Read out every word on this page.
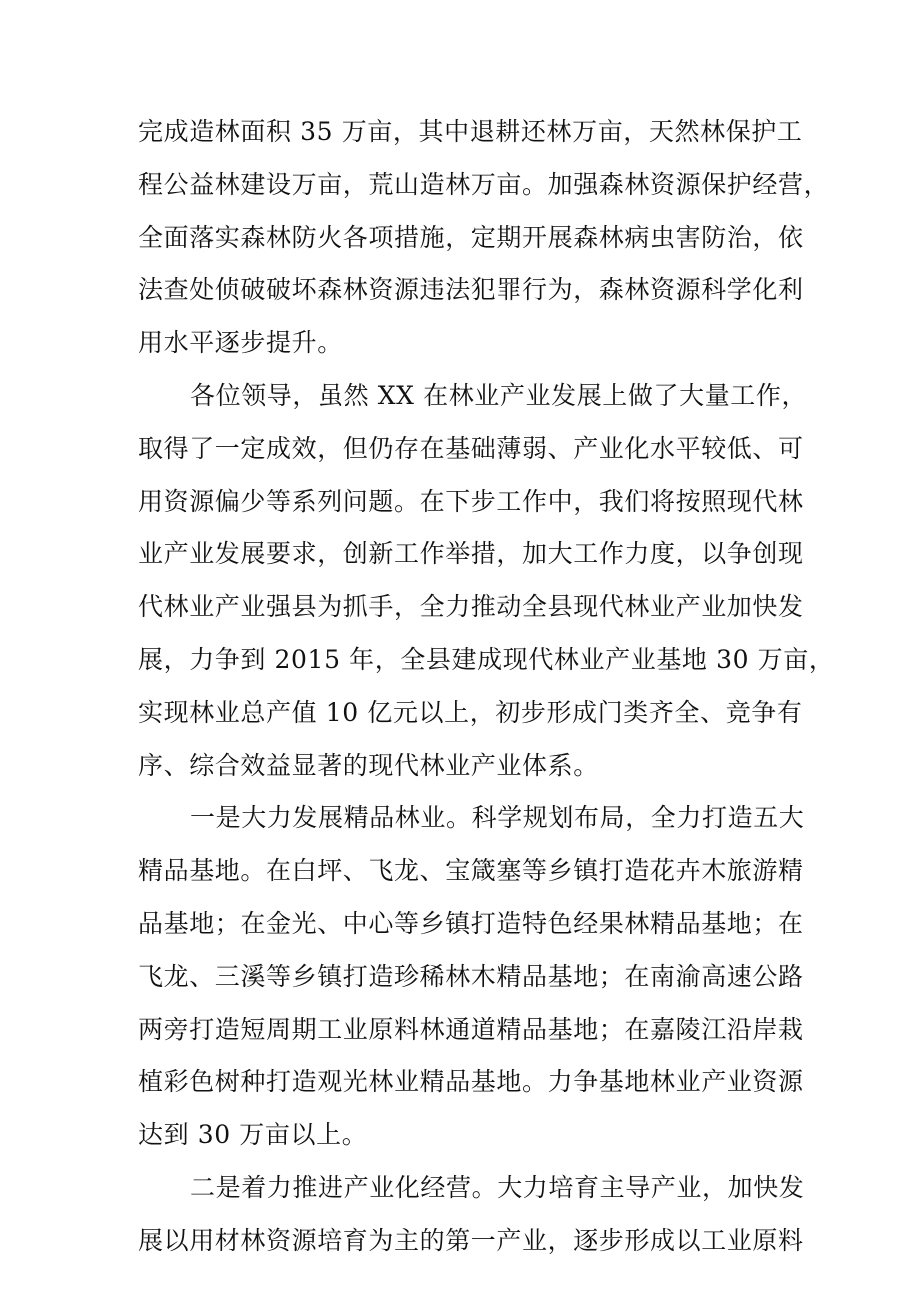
完成造林面积 35 万亩，其中退耕还林万亩，天然林保护工
程公益林建设万亩，荒山造林万亩。加强森林资源保护经营，
全面落实森林防火各项措施，定期开展森林病虫害防治，依
法查处侦破破坏森林资源违法犯罪行为，森林资源科学化利
用水平逐步提升。
各位领导，虽然 XX 在林业产业发展上做了大量工作，
取得了一定成效，但仍存在基础薄弱、产业化水平较低、可
用资源偏少等系列问题。在下步工作中，我们将按照现代林
业产业发展要求，创新工作举措，加大工作力度，以争创现
代林业产业强县为抓手，全力推动全县现代林业产业加快发
展，力争到 2015 年，全县建成现代林业产业基地 30 万亩，
实现林业总产值 10 亿元以上，初步形成门类齐全、竞争有
序、综合效益显著的现代林业产业体系。
一是大力发展精品林业。科学规划布局，全力打造五大
精品基地。在白坪、飞龙、宝箴塞等乡镇打造花卉木旅游精
品基地；在金光、中心等乡镇打造特色经果林精品基地；在
飞龙、三溪等乡镇打造珍稀林木精品基地；在南渝高速公路
两旁打造短周期工业原料林通道精品基地；在嘉陵江沿岸栽
植彩色树种打造观光林业精品基地。力争基地林业产业资源
达到 30 万亩以上。
二是着力推进产业化经营。大力培育主导产业，加快发
展以用材林资源培育为主的第一产业，逐步形成以工业原料
